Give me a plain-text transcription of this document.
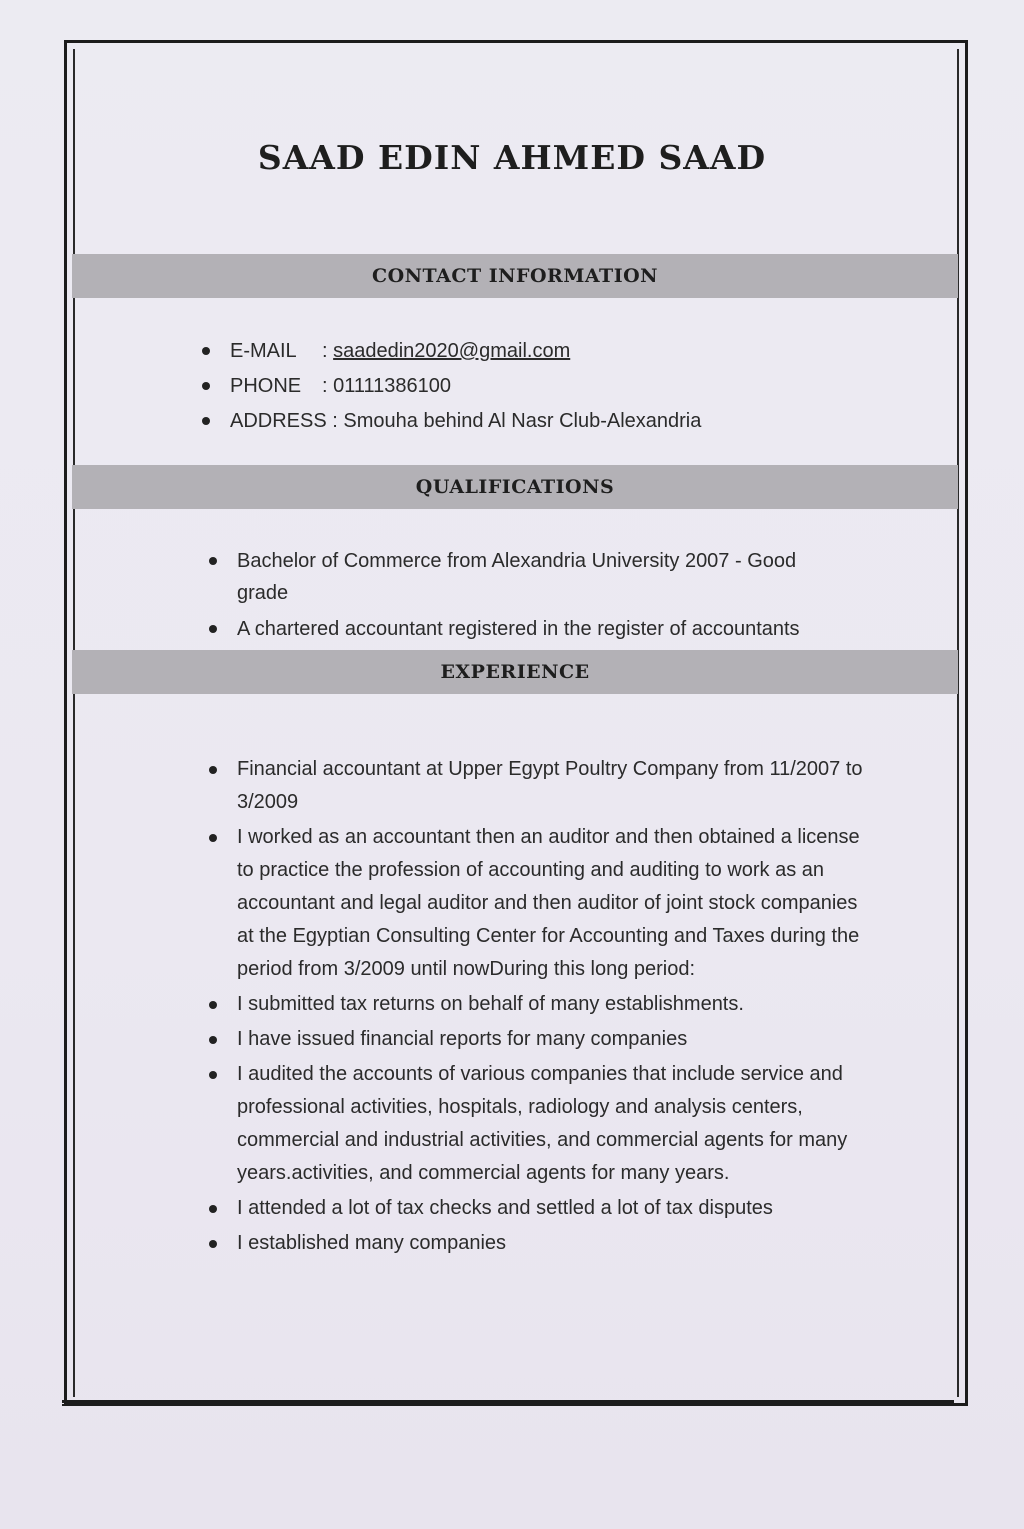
SAAD EDIN AHMED SAAD
CONTACT INFORMATION
E-MAIL : saadedin2020@gmail.com
PHONE : 01111386100
ADDRESS : Smouha behind Al Nasr Club-Alexandria
QUALIFICATIONS
Bachelor of Commerce from Alexandria University 2007 - Good grade
A chartered accountant registered in the register of accountants
EXPERIENCE
Financial accountant at Upper Egypt Poultry Company from 11/2007 to 3/2009
I worked as an accountant then an auditor and then obtained a license to practice the profession of accounting and auditing to work as an accountant and legal auditor and then auditor of joint stock companies at the Egyptian Consulting Center for Accounting and Taxes during the period from 3/2009 until nowDuring this long period:
I submitted tax returns on behalf of many establishments.
I have issued financial reports for many companies
I audited the accounts of various companies that include service and professional activities, hospitals, radiology and analysis centers, commercial and industrial activities, and commercial agents for many years.activities, and commercial agents for many years.
I attended a lot of tax checks and settled a lot of tax disputes
I established many companies
